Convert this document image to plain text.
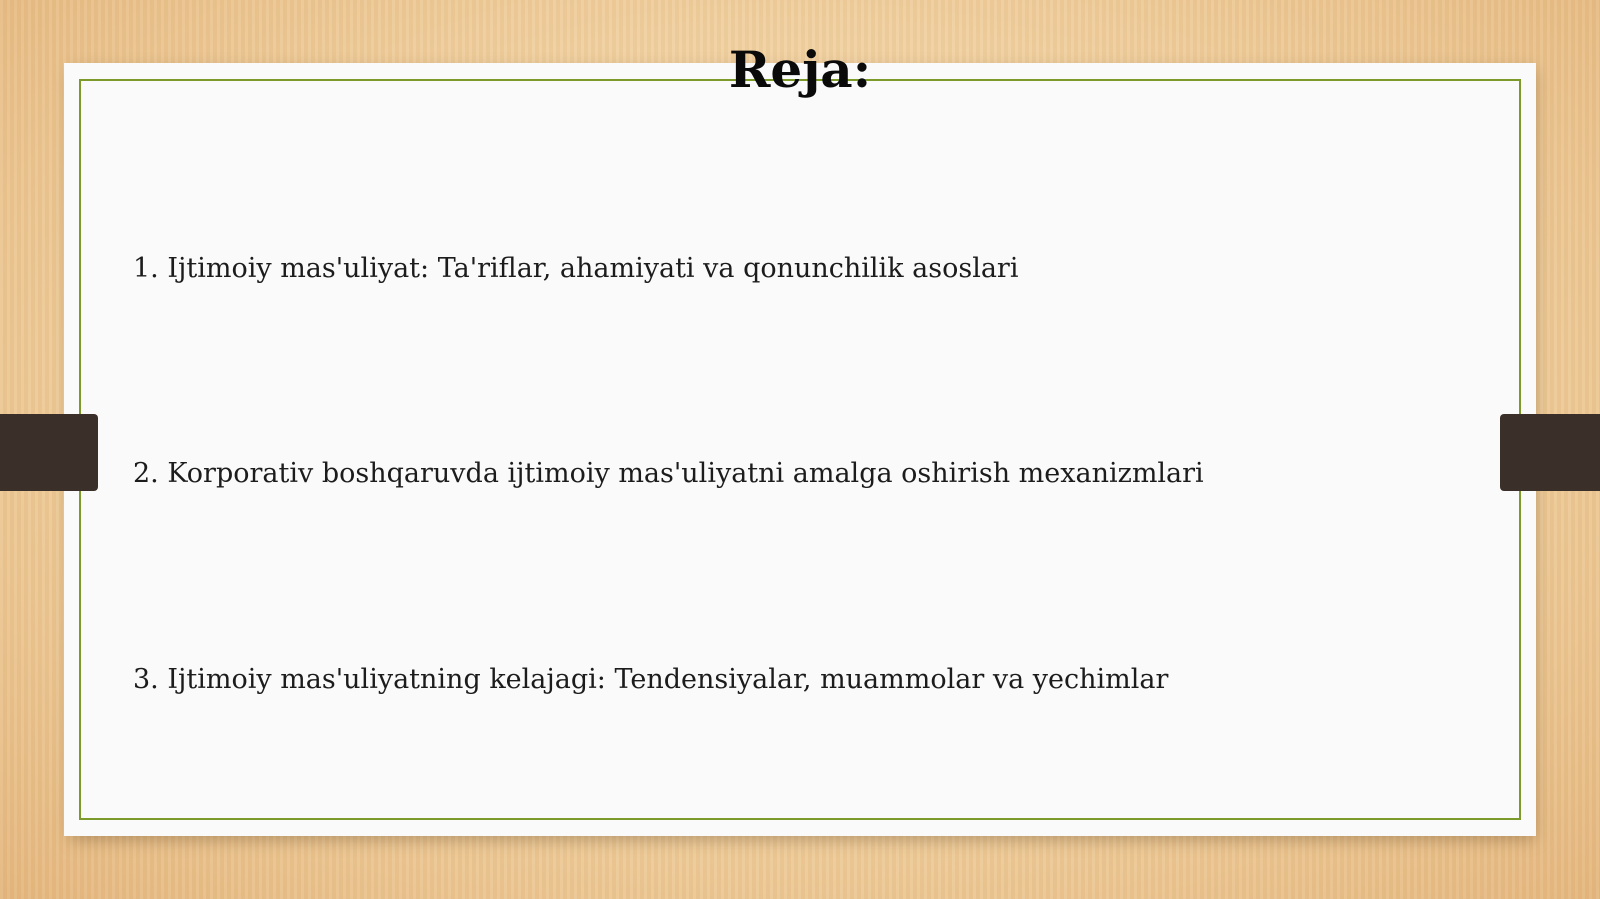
Reja:
1. Ijtimoiy mas'uliyat: Ta'riflar, ahamiyati va qonunchilik asoslari
2. Korporativ boshqaruvda ijtimoiy mas'uliyatni amalga oshirish mexanizmlari
3. Ijtimoiy mas'uliyatning kelajagi: Tendensiyalar, muammolar va yechimlar
